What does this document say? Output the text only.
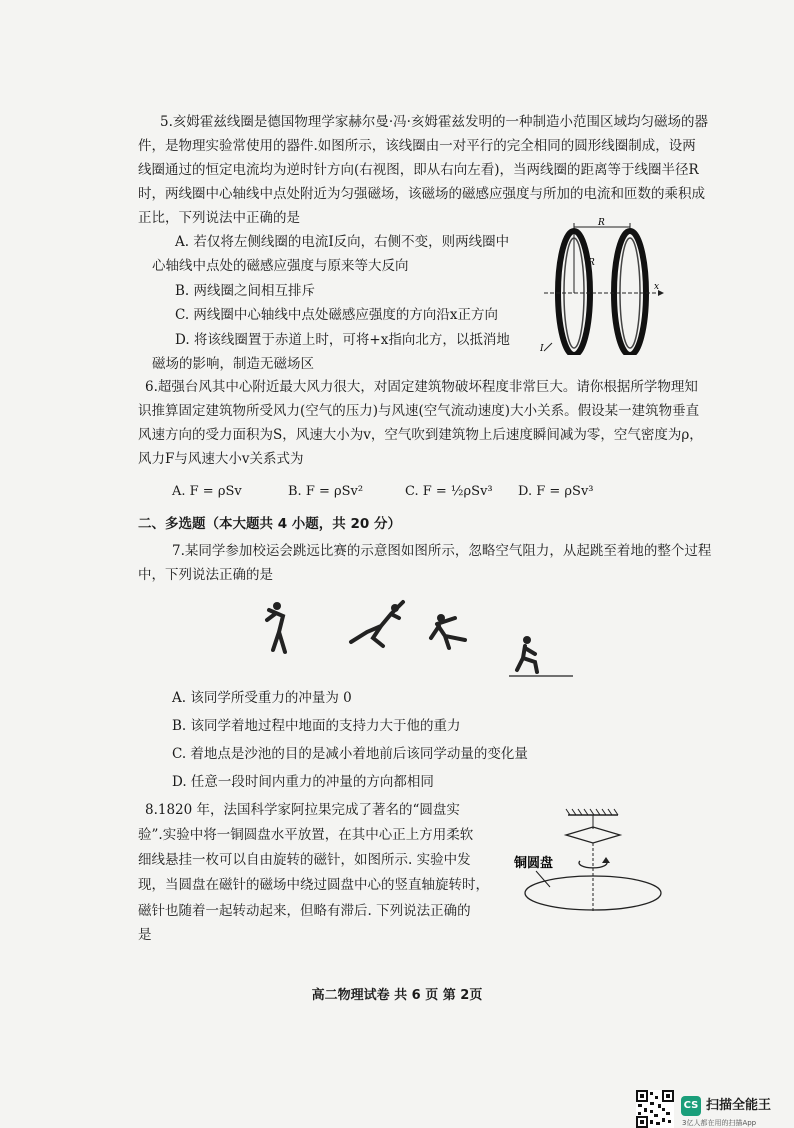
5.亥姆霍兹线圈是德国物理学家赫尔曼·冯·亥姆霍兹发明的一种制造小范围区域均匀磁场的器
件，是物理实验常使用的器件.如图所示，该线圈由一对平行的完全相同的圆形线圈制成，设两
线圈通过的恒定电流均为逆时针方向(右视图，即从右向左看)，当两线圈的距离等于线圈半径R
时，两线圈中心轴线中点处附近为匀强磁场，该磁场的磁感应强度与所加的电流和匝数的乘积成
正比，下列说法中正确的是
A. 若仅将左侧线圈的电流I反向，右侧不变，则两线圈中
心轴线中点处的磁感应强度与原来等大反向
B. 两线圈之间相互排斥
C. 两线圈中心轴线中点处磁感应强度的方向沿x正方向
D. 将该线圈置于赤道上时，可将+x指向北方，以抵消地
磁场的影响，制造无磁场区
R
R
x
I
6.超强台风其中心附近最大风力很大，对固定建筑物破坏程度非常巨大。请你根据所学物理知
识推算固定建筑物所受风力(空气的压力)与风速(空气流动速度)大小关系。假设某一建筑物垂直
风速方向的受力面积为S，风速大小为v，空气吹到建筑物上后速度瞬间减为零，空气密度为ρ，
风力F与风速大小v关系式为
A. F = ρSv	B. F = ρSv²	C. F = ½ρSv³ D. F = ρSv³
二、多选题（本大题共 4 小题，共 20 分）
7.某同学参加校运会跳远比赛的示意图如图所示，忽略空气阻力，从起跳至着地的整个过程
中，下列说法正确的是
A. 该同学所受重力的冲量为 0
B. 该同学着地过程中地面的支持力大于他的重力
C. 着地点是沙池的目的是减小着地前后该同学动量的变化量
D. 任意一段时间内重力的冲量的方向都相同
8.1820 年，法国科学家阿拉果完成了著名的“圆盘实
验”.实验中将一铜圆盘水平放置，在其中心正上方用柔软
细线悬挂一枚可以自由旋转的磁针，如图所示. 实验中发
现，当圆盘在磁针的磁场中绕过圆盘中心的竖直轴旋转时，
磁针也随着一起转动起来，但略有滞后. 下列说法正确的
是
铜圆盘
高二物理试卷 共 6 页 第 2页
CS 扫描全能王
3亿人都在用的扫描App
